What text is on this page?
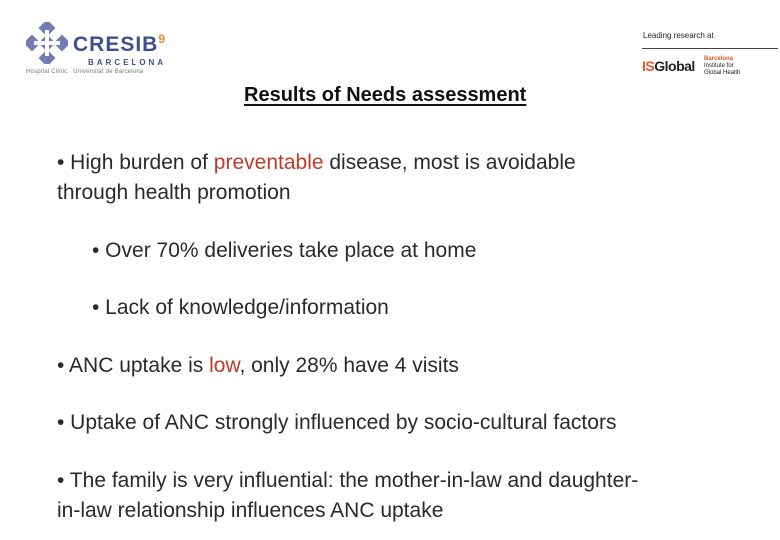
CRESIB$^9$
BARCELONA
Hospital Clínic · Universitat de Barcelona
Leading research at
ISGlobal Barcelona
Institute for
Global Health
Results of Needs assessment
• High burden of preventable disease, most is avoidable
through health promotion
• Over 70% deliveries take place at home
• Lack of knowledge/information
• ANC uptake is low, only 28% have 4 visits
• Uptake of ANC strongly influenced by socio-cultural factors
• The family is very influential: the mother-in-law and daughter-
in-law relationship influences ANC uptake
